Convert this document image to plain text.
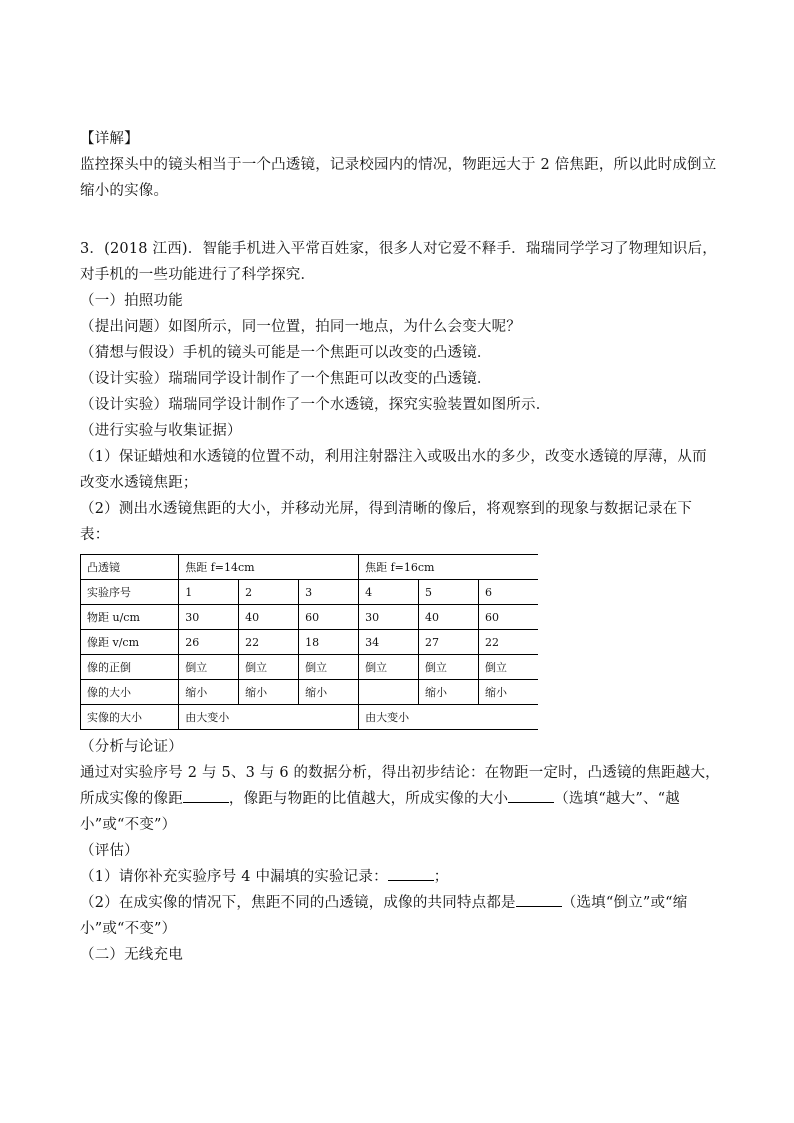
【详解】

监控探头中的镜头相当于一个凸透镜，记录校园内的情况，物距远大于 2 倍焦距，所以此时成倒立缩小的实像。

3．(2018 江西)．智能手机进入平常百姓家，很多人对它爱不释手．瑞瑞同学学习了物理知识后，对手机的一些功能进行了科学探究．

（一）拍照功能

（提出问题）如图所示，同一位置，拍同一地点，为什么会变大呢？

（猜想与假设）手机的镜头可能是一个焦距可以改变的凸透镜．

（设计实验）瑞瑞同学设计制作了一个焦距可以改变的凸透镜．

（设计实验）瑞瑞同学设计制作了一个水透镜，探究实验装置如图所示．

（进行实验与收集证据）

（1）保证蜡烛和水透镜的位置不动，利用注射器注入或吸出水的多少，改变水透镜的厚薄，从而改变水透镜焦距；

（2）测出水透镜焦距的大小，并移动光屏，得到清晰的像后，将观察到的现象与数据记录在下表：

凸透镜	焦距 f=14cm			焦距 f=16cm		
实验序号	1	2	3	4	5	6
物距 u/cm	30	40	60	30	40	60
像距 v/cm	26	22	18	34	27	22
像的正倒	倒立	倒立	倒立	倒立	倒立	倒立
像的大小	缩小	缩小	缩小		缩小	缩小
实像的大小	由大变小			由大变小		

（分析与论证）

通过对实验序号 2 与 5、3 与 6 的数据分析，得出初步结论：在物距一定时，凸透镜的焦距越大，所成实像的像距	，像距与物距的比值越大，所成实像的大小	（选填“越大”、“越小”或“不变”）

（评估）

（1）请你补充实验序号 4 中漏填的实验记录：	；

（2）在成实像的情况下，焦距不同的凸透镜，成像的共同特点都是	（选填“倒立”或“缩小”或“不变”）

（二）无线充电
